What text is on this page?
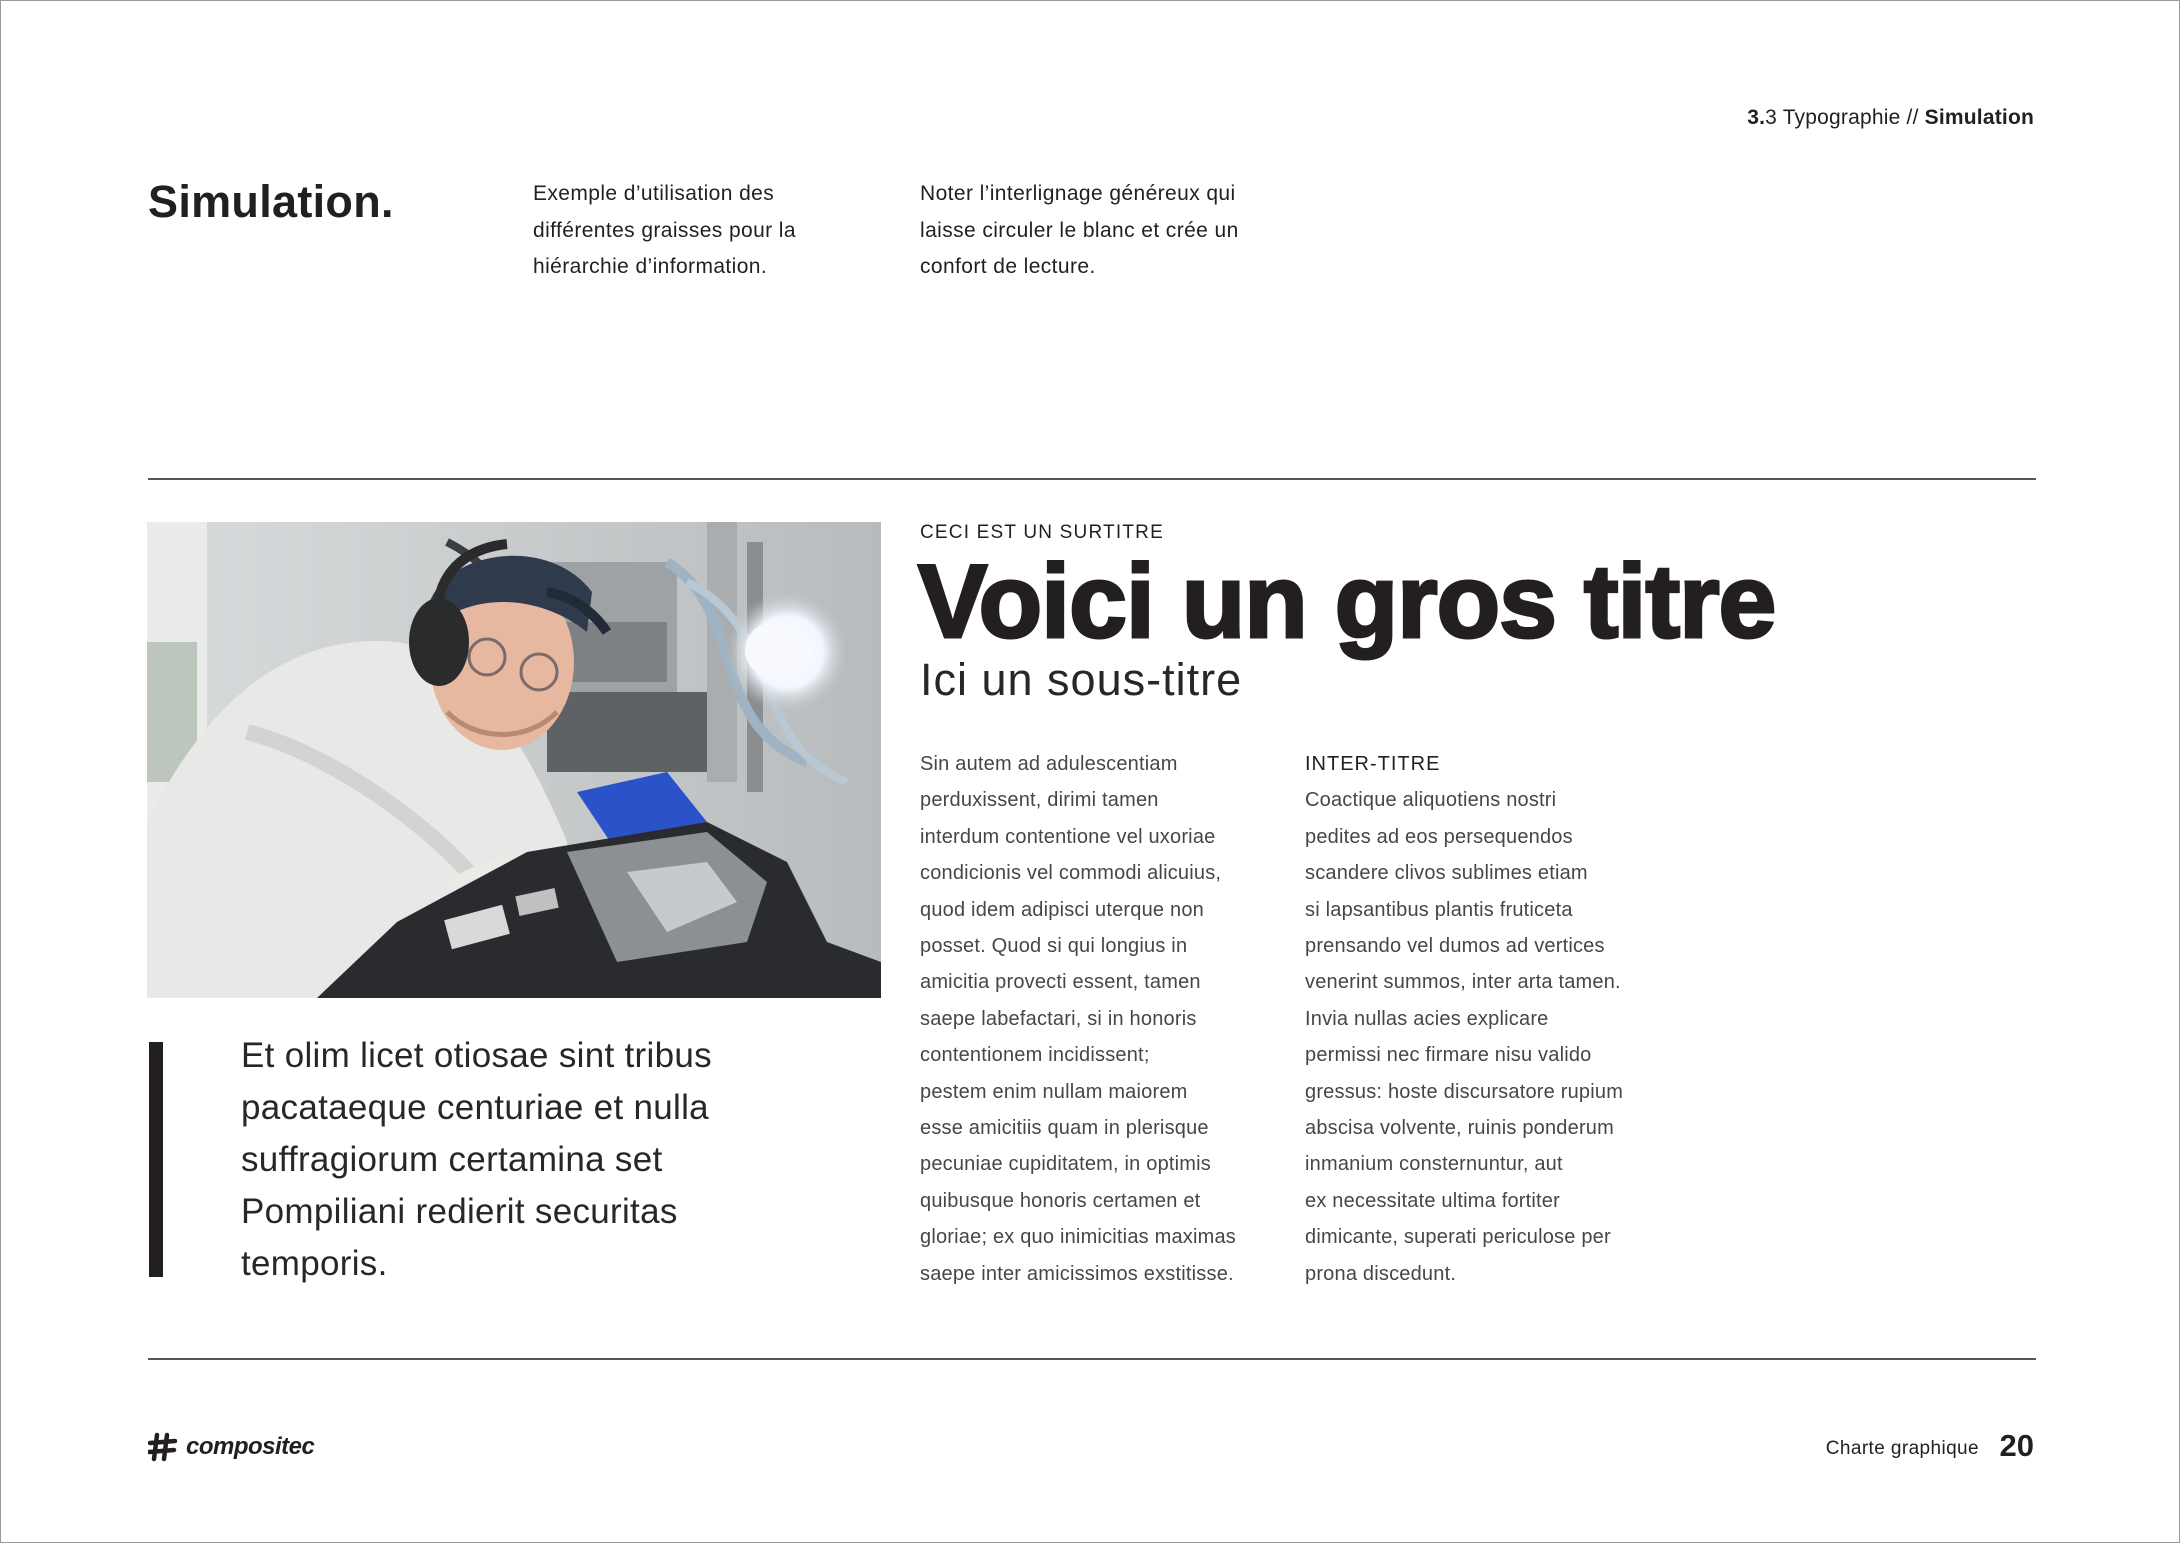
3.3 Typographie // Simulation
Simulation.	Exemple d’utilisation des
différentes graisses pour la
hiérarchie d’information.
Noter l’interlignage généreux qui
laisse circuler le blanc et crée un
confort de lecture.
Et olim licet otiosae sint tribus
pacataeque centuriae et nulla
suffragiorum certamina set
Pompiliani redierit securitas
temporis.
CECI EST UN SURTITRE
Voici un gros titre
Ici un sous-titre
Sin autem ad adulescentiam
perduxissent, dirimi tamen
interdum contentione vel uxoriae
condicionis vel commodi alicuius,
quod idem adipisci uterque non
posset. Quod si qui longius in
amicitia provecti essent, tamen
saepe labefactari, si in honoris
contentionem incidissent;
pestem enim nullam maiorem
esse amicitiis quam in plerisque
pecuniae cupiditatem, in optimis
quibusque honoris certamen et
gloriae; ex quo inimicitias maximas
saepe inter amicissimos exstitisse.
INTER-TITRE
Coactique aliquotiens nostri
pedites ad eos persequendos
scandere clivos sublimes etiam
si lapsantibus plantis fruticeta
prensando vel dumos ad vertices
venerint summos, inter arta tamen.
Invia nullas acies explicare
permissi nec firmare nisu valido
gressus: hoste discursatore rupium
abscisa volvente, ruinis ponderum
inmanium consternuntur, aut
ex necessitate ultima fortiter
dimicante, superati periculose per
prona discedunt.
compositec	Charte graphique 20
